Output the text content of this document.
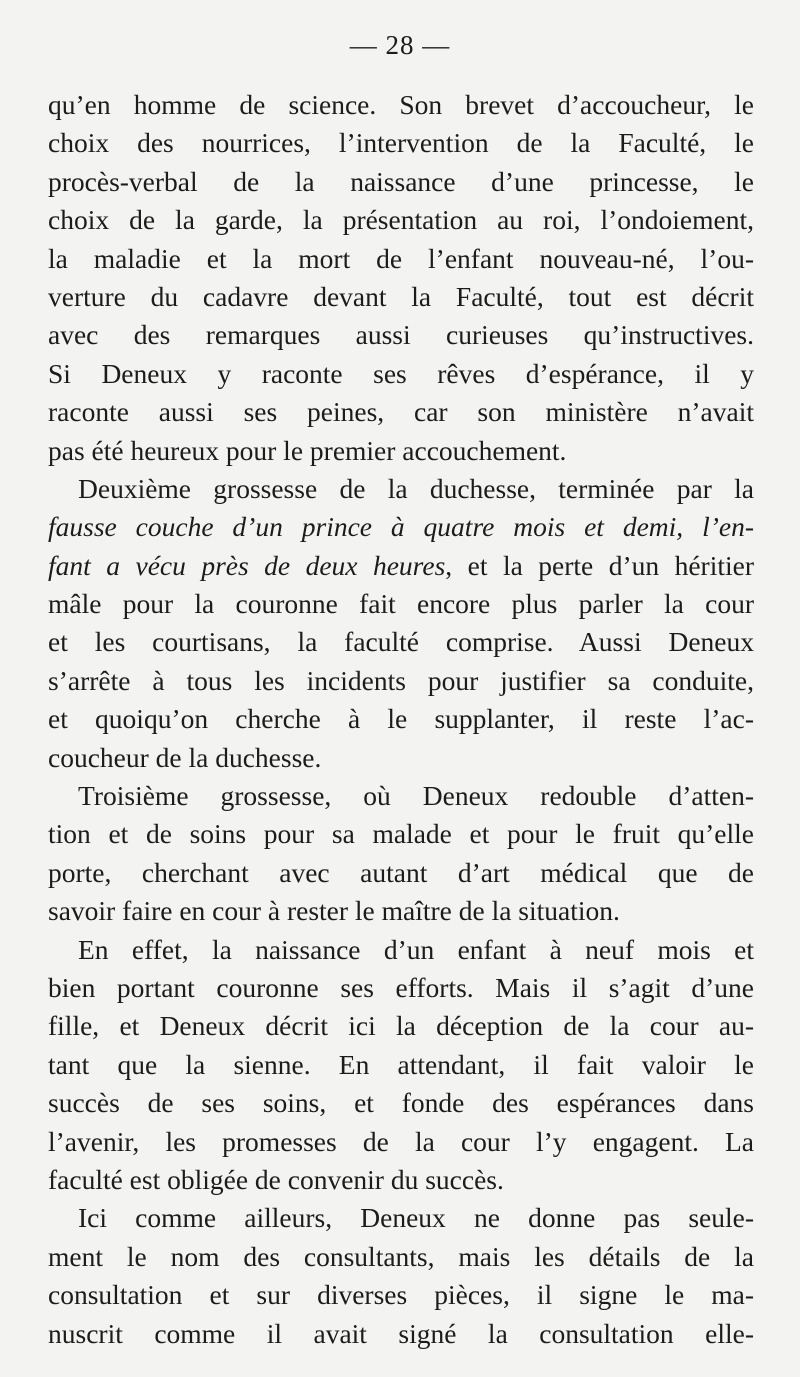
— 28 —
qu’en homme de science. Son brevet d’accoucheur, le
choix des nourrices, l’intervention de la Faculté, le
procès-verbal de la naissance d’une princesse, le
choix de la garde, la présentation au roi, l’ondoiement,
la maladie et la mort de l’enfant nouveau-né, l’ou-
verture du cadavre devant la Faculté, tout est décrit
avec des remarques aussi curieuses qu’instructives.
Si Deneux y raconte ses rêves d’espérance, il y
raconte aussi ses peines, car son ministère n’avait
pas été heureux pour le premier accouchement.
Deuxième grossesse de la duchesse, terminée par la
fausse couche d’un prince à quatre mois et demi, l’en-
fant a vécu près de deux heures, et la perte d’un héritier
mâle pour la couronne fait encore plus parler la cour
et les courtisans, la faculté comprise. Aussi Deneux
s’arrête à tous les incidents pour justifier sa conduite,
et quoiqu’on cherche à le supplanter, il reste l’ac-
coucheur de la duchesse.
Troisième grossesse, où Deneux redouble d’atten-
tion et de soins pour sa malade et pour le fruit qu’elle
porte, cherchant avec autant d’art médical que de
savoir faire en cour à rester le maître de la situation.
En effet, la naissance d’un enfant à neuf mois et
bien portant couronne ses efforts. Mais il s’agit d’une
fille, et Deneux décrit ici la déception de la cour au-
tant que la sienne. En attendant, il fait valoir le
succès de ses soins, et fonde des espérances dans
l’avenir, les promesses de la cour l’y engagent. La
faculté est obligée de convenir du succès.
Ici comme ailleurs, Deneux ne donne pas seule-
ment le nom des consultants, mais les détails de la
consultation et sur diverses pièces, il signe le ma-
nuscrit comme il avait signé la consultation elle-
